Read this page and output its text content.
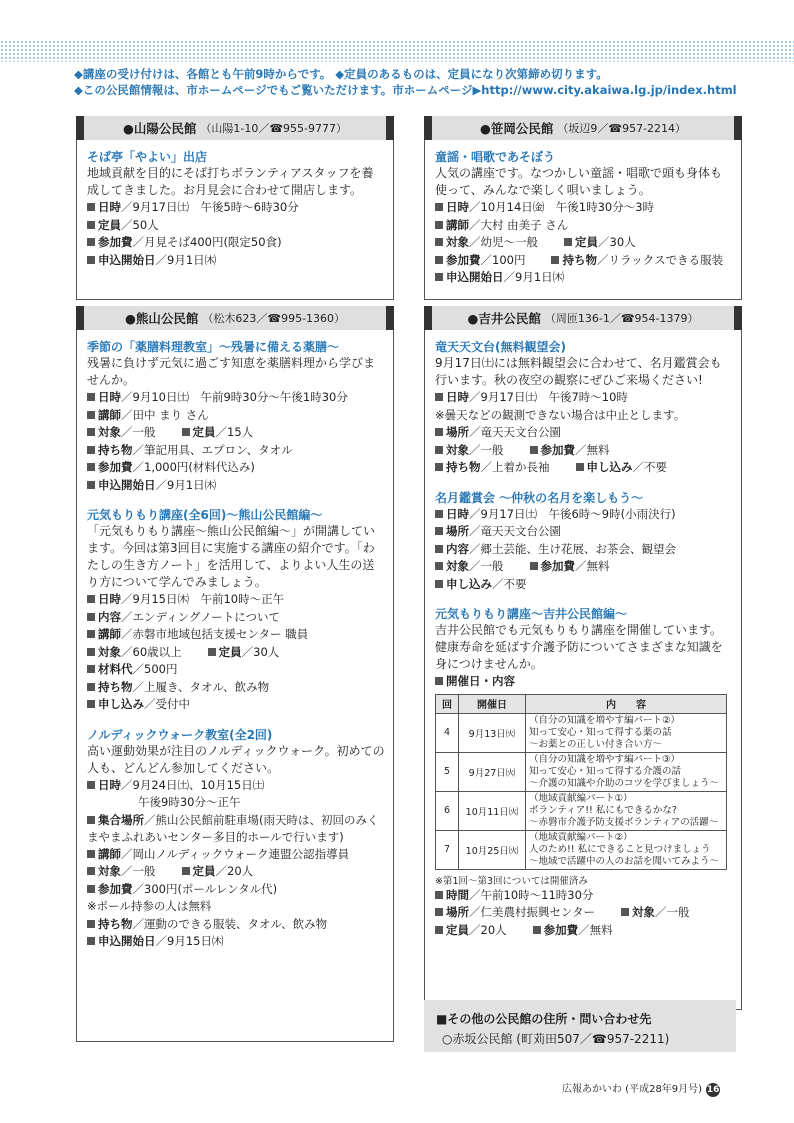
◆講座の受け付けは、各館とも午前9時からです。 ◆定員のあるものは、定員になり次第締め切ります。
◆この公民館情報は、市ホームページでもご覧いただけます。市ホームページ▶http://www.city.akaiwa.lg.jp/index.html
●山陽公民館 （山陽1-10／☎955-9777）
そば亭「やよい」出店
地域貢献を目的にそば打ちボランティアスタッフを養成してきました。お月見会に合わせて開店します。
日時／9月17日㈯　午後5時～6時30分
定員／50人
参加費／月見そば400円(限定50食)
申込開始日／9月1日㈭
●笹岡公民館 （坂辺9／☎957-2214）
童謡・唱歌であそぼう
人気の講座です。なつかしい童謡・唱歌で頭も身体も使って、みんなで楽しく唄いましょう。
日時／10月14日㈮　午後1時30分～3時
講師／大村 由美子 さん
対象／幼児～一般	定員／30人
参加費／100円	持ち物／リラックスできる服装
申込開始日／9月1日㈭
●熊山公民館 （松木623／☎995-1360）
季節の「薬膳料理教室」～残暑に備える薬膳～
残暑に負けず元気に過ごす知恵を薬膳料理から学びませんか。
日時／9月10日㈯　午前9時30分～午後1時30分
講師／田中 まり さん
対象／一般	定員／15人
持ち物／筆記用具、エプロン、タオル
参加費／1,000円(材料代込み)
申込開始日／9月1日㈭
元気もりもり講座(全6回)～熊山公民館編～
「元気もりもり講座～熊山公民館編～」が開講しています。今回は第3回目に実施する講座の紹介です。「わたしの生き方ノート」を活用して、よりよい人生の送り方について学んでみましょう。
日時／9月15日㈭　午前10時～正午
内容／エンディングノートについて
講師／赤磐市地域包括支援センター 職員
対象／60歳以上	定員／30人
材料代／500円
持ち物／上履き、タオル、飲み物
申し込み／受付中
ノルディックウォーク教室(全2回)
高い運動効果が注目のノルディックウォーク。初めての人も、どんどん参加してください。
日時／9月24日㈯、10月15日㈯
午後9時30分～正午
集合場所／熊山公民館前駐車場(雨天時は、初回のみくまやまふれあいセンター多目的ホールで行います)
講師／岡山ノルディックウォーク連盟公認指導員
対象／一般	定員／20人
参加費／300円(ポールレンタル代)
※ポール持参の人は無料
持ち物／運動のできる服装、タオル、飲み物
申込開始日／9月15日㈭
●吉井公民館 （周匝136-1／☎954-1379）
竜天天文台(無料観望会)
9月17日㈯には無料観望会に合わせて、名月鑑賞会も行います。秋の夜空の観察にぜひご来場ください!
日時／9月17日㈯　午後7時～10時
※曇天などの観測できない場合は中止とします。
場所／竜天天文台公園
対象／一般	参加費／無料
持ち物／上着か長袖	申し込み／不要
名月鑑賞会 ～仲秋の名月を楽しもう～
日時／9月17日㈯　午後6時～9時(小雨決行)
場所／竜天天文台公園
内容／郷土芸能、生け花展、お茶会、観望会
対象／一般	参加費／無料
申し込み／不要
元気もりもり講座～吉井公民館編～
吉井公民館でも元気もりもり講座を開催しています。健康寿命を延ばす介護予防についてさまざまな知識を身につけませんか。
開催日・内容
回	開催日	内　　容
4	9月13日㈫	（自分の知識を増やす編パート②）
知って安心・知って得する薬の話
～お薬との正しい付き合い方～

5	9月27日㈫	（自分の知識を増やす編パート③）
知って安心・知って得する介護の話
～介護の知識や介助のコツを学びましょう～

6	10月11日㈫	（地域貢献編パート①）
ボランティア!! 私にもできるかな?
～赤磐市介護予防支援ボランティアの活躍～

7	10月25日㈫	（地域貢献編パート②）
人のため!! 私にできること見つけましょう
～地域で活躍中の人のお話を聞いてみよう～
※第1回～第3回については開催済み
時間／午前10時～11時30分
場所／仁美農村振興センター	対象／一般
定員／20人	参加費／無料
■その他の公民館の住所・問い合わせ先
○赤坂公民館 (町苅田507／☎957-2211)
広報あかいわ (平成28年9月号) 16
